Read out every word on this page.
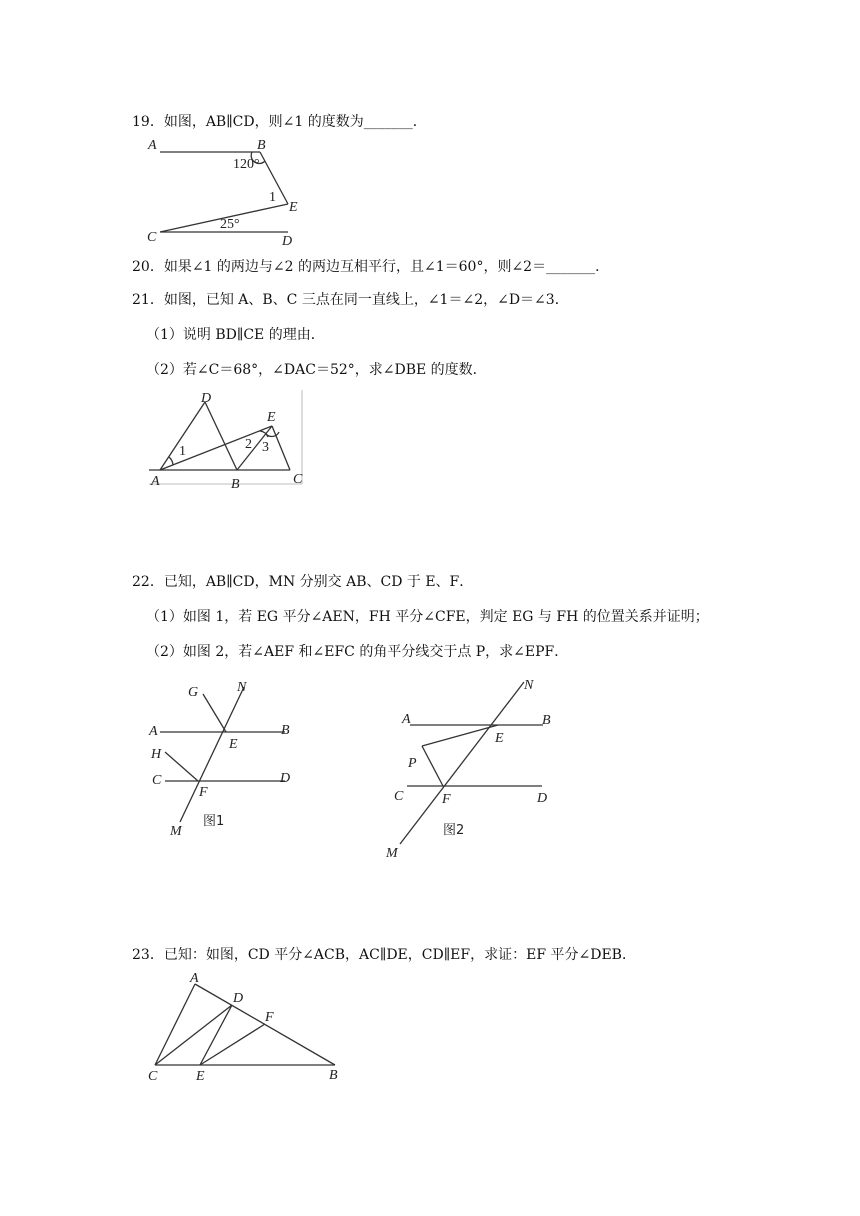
19．如图，AB∥CD，则∠1 的度数为_______．
A	B
C	D
E
120°
1
25°
20．如果∠1 的两边与∠2 的两边互相平行，且∠1＝60°，则∠2＝_______．
21．如图，已知 A、B、C 三点在同一直线上，∠1＝∠2，∠D＝∠3．
（1）说明 BD∥CE 的理由．
（2）若∠C＝68°，∠DAC＝52°，求∠DBE 的度数．
A	B	C
D
E
1	2 3
22．已知，AB∥CD，MN 分别交 AB、CD 于 E、F．
（1）如图 1，若 EG 平分∠AEN，FH 平分∠CFE，判定 EG 与 FH 的位置关系并证明；
（2）如图 2，若∠AEF 和∠EFC 的角平分线交于点 P，求∠EPF．
G	N
A	B
E
H
C	D
F
M
图1
N
A	B
E
P
C	F	D
M
图2
23．已知：如图，CD 平分∠ACB，AC∥DE，CD∥EF，求证：EF 平分∠DEB．
A
D
F
C	E	B
